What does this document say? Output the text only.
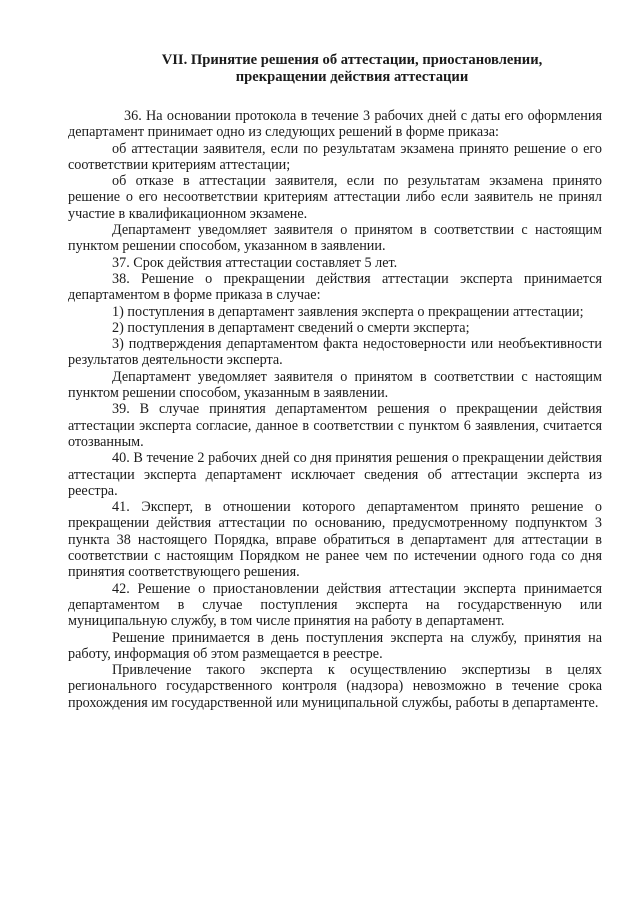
VII. Принятие решения об аттестации, приостановлении,
прекращении действия аттестации

36. На основании протокола в течение 3 рабочих дней с даты его оформления департамент принимает одно из следующих решений в форме приказа:

об аттестации заявителя, если по результатам экзамена принято решение о его соответствии критериям аттестации;

об отказе в аттестации заявителя, если по результатам экзамена принято решение о его несоответствии критериям аттестации либо если заявитель не принял участие в квалификационном экзамене.

Департамент уведомляет заявителя о принятом в соответствии с настоящим пунктом решении способом, указанном в заявлении.

37. Срок действия аттестации составляет 5 лет.

38. Решение о прекращении действия аттестации эксперта принимается департаментом в форме приказа в случае:

1) поступления в департамент заявления эксперта о прекращении аттестации;

2) поступления в департамент сведений о смерти эксперта;

3) подтверждения департаментом факта недостоверности или необъективности результатов деятельности эксперта.

Департамент уведомляет заявителя о принятом в соответствии с настоящим пунктом решении способом, указанным в заявлении.

39. В случае принятия департаментом решения о прекращении действия аттестации эксперта согласие, данное в соответствии с пунктом 6 заявления, считается отозванным.

40. В течение 2 рабочих дней со дня принятия решения о прекращении действия аттестации эксперта департамент исключает сведения об аттестации эксперта из реестра.

41. Эксперт, в отношении которого департаментом принято решение о прекращении действия аттестации по основанию, предусмотренному подпунктом 3 пункта 38 настоящего Порядка, вправе обратиться в департамент для аттестации в соответствии с настоящим Порядком не ранее чем по истечении одного года со дня принятия соответствующего решения.

42. Решение о приостановлении действия аттестации эксперта принимается департаментом в случае поступления эксперта на государственную или муниципальную службу, в том числе принятия на работу в департамент.

Решение принимается в день поступления эксперта на службу, принятия на работу, информация об этом размещается в реестре.

Привлечение такого эксперта к осуществлению экспертизы в целях регионального государственного контроля (надзора) невозможно в течение срока прохождения им государственной или муниципальной службы, работы в департаменте.
